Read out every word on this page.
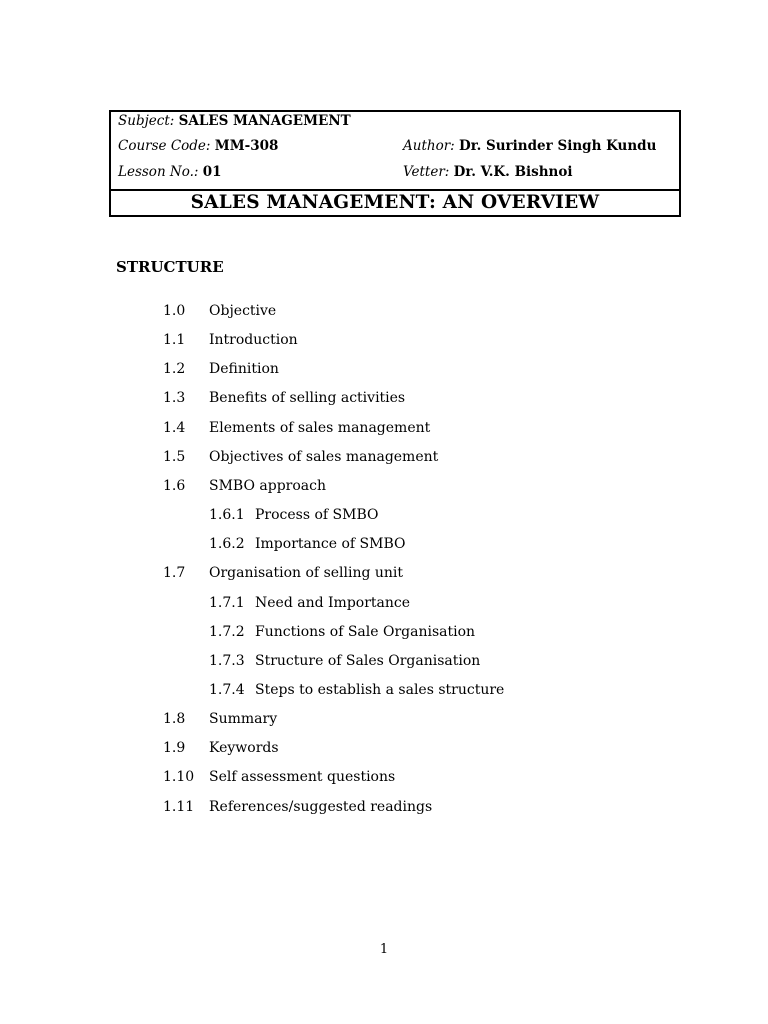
Subject: SALES MANAGEMENT
Course Code: MM-308	Author: Dr. Surinder Singh Kundu
Lesson No.: 01	Vetter: Dr. V.K. Bishnoi
SALES MANAGEMENT: AN OVERVIEW
STRUCTURE
1.0 Objective
1.1 Introduction
1.2 Definition
1.3 Benefits of selling activities
1.4 Elements of sales management
1.5 Objectives of sales management
1.6 SMBO approach
1.6.1 Process of SMBO
1.6.2 Importance of SMBO
1.7 Organisation of selling unit
1.7.1 Need and Importance
1.7.2 Functions of Sale Organisation
1.7.3 Structure of Sales Organisation
1.7.4 Steps to establish a sales structure
1.8 Summary
1.9 Keywords
1.10 Self assessment questions
1.11 References/suggested readings
1
